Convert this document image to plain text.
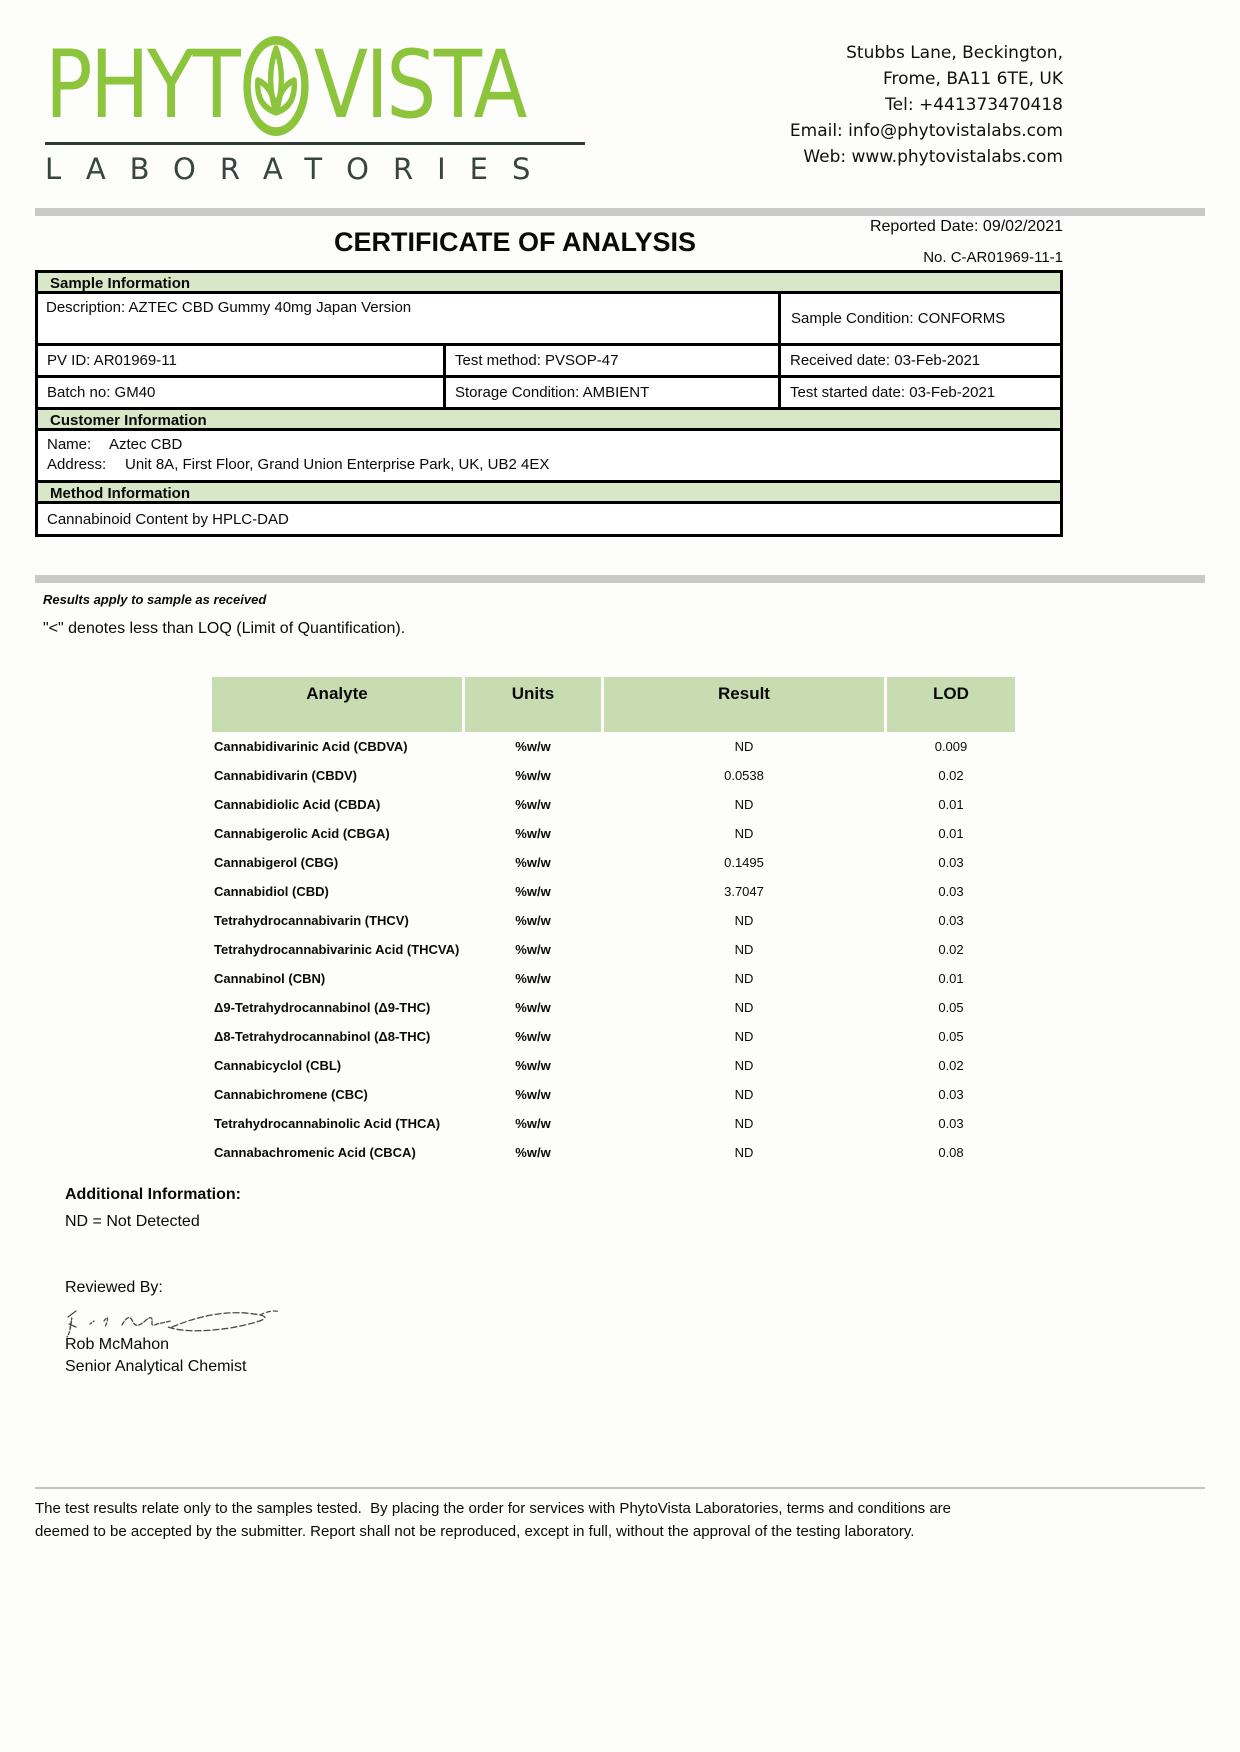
PHYT VISTA
LABORATORIES
Stubbs Lane, Beckington,
Frome, BA11 6TE, UK
Tel: +441373470418
Email: info@phytovistalabs.com
Web: www.phytovistalabs.com
Reported Date: 09/02/2021
CERTIFICATE OF ANALYSIS
No. C-AR01969-11-1
Sample Information
Description: AZTEC CBD Gummy 40mg Japan Version
Sample Condition: CONFORMS
PV ID: AR01969-11	Test method: PVSOP-47	Received date: 03-Feb-2021
Batch no: GM40	Storage Condition: AMBIENT	Test started date: 03-Feb-2021
Customer Information
Name:	Aztec CBD
Address:	Unit 8A, First Floor, Grand Union Enterprise Park, UK, UB2 4EX
Method Information
Cannabinoid Content by HPLC-DAD
Results apply to sample as received
"<" denotes less than LOQ (Limit of Quantification).
Analyte	Units	Result	LOD
Cannabidivarinic Acid (CBDVA)	%w/w	ND	0.009
Cannabidivarin (CBDV)	%w/w	0.0538	0.02
Cannabidiolic Acid (CBDA)	%w/w	ND	0.01
Cannabigerolic Acid (CBGA)	%w/w	ND	0.01
Cannabigerol (CBG)	%w/w	0.1495	0.03
Cannabidiol (CBD)	%w/w	3.7047	0.03
Tetrahydrocannabivarin (THCV)	%w/w	ND	0.03
Tetrahydrocannabivarinic Acid (THCVA)	%w/w	ND	0.02
Cannabinol (CBN)	%w/w	ND	0.01
Δ9-Tetrahydrocannabinol (Δ9-THC)	%w/w	ND	0.05
Δ8-Tetrahydrocannabinol (Δ8-THC)	%w/w	ND	0.05
Cannabicyclol (CBL)	%w/w	ND	0.02
Cannabichromene (CBC)	%w/w	ND	0.03
Tetrahydrocannabinolic Acid (THCA)	%w/w	ND	0.03
Cannabachromenic Acid (CBCA)	%w/w	ND	0.08
Additional Information:
ND = Not Detected
Reviewed By:
Rob McMahon
Senior Analytical Chemist
The test results relate only to the samples tested.  By placing the order for services with PhytoVista Laboratories, terms and conditions are
deemed to be accepted by the submitter. Report shall not be reproduced, except in full, without the approval of the testing laboratory.
